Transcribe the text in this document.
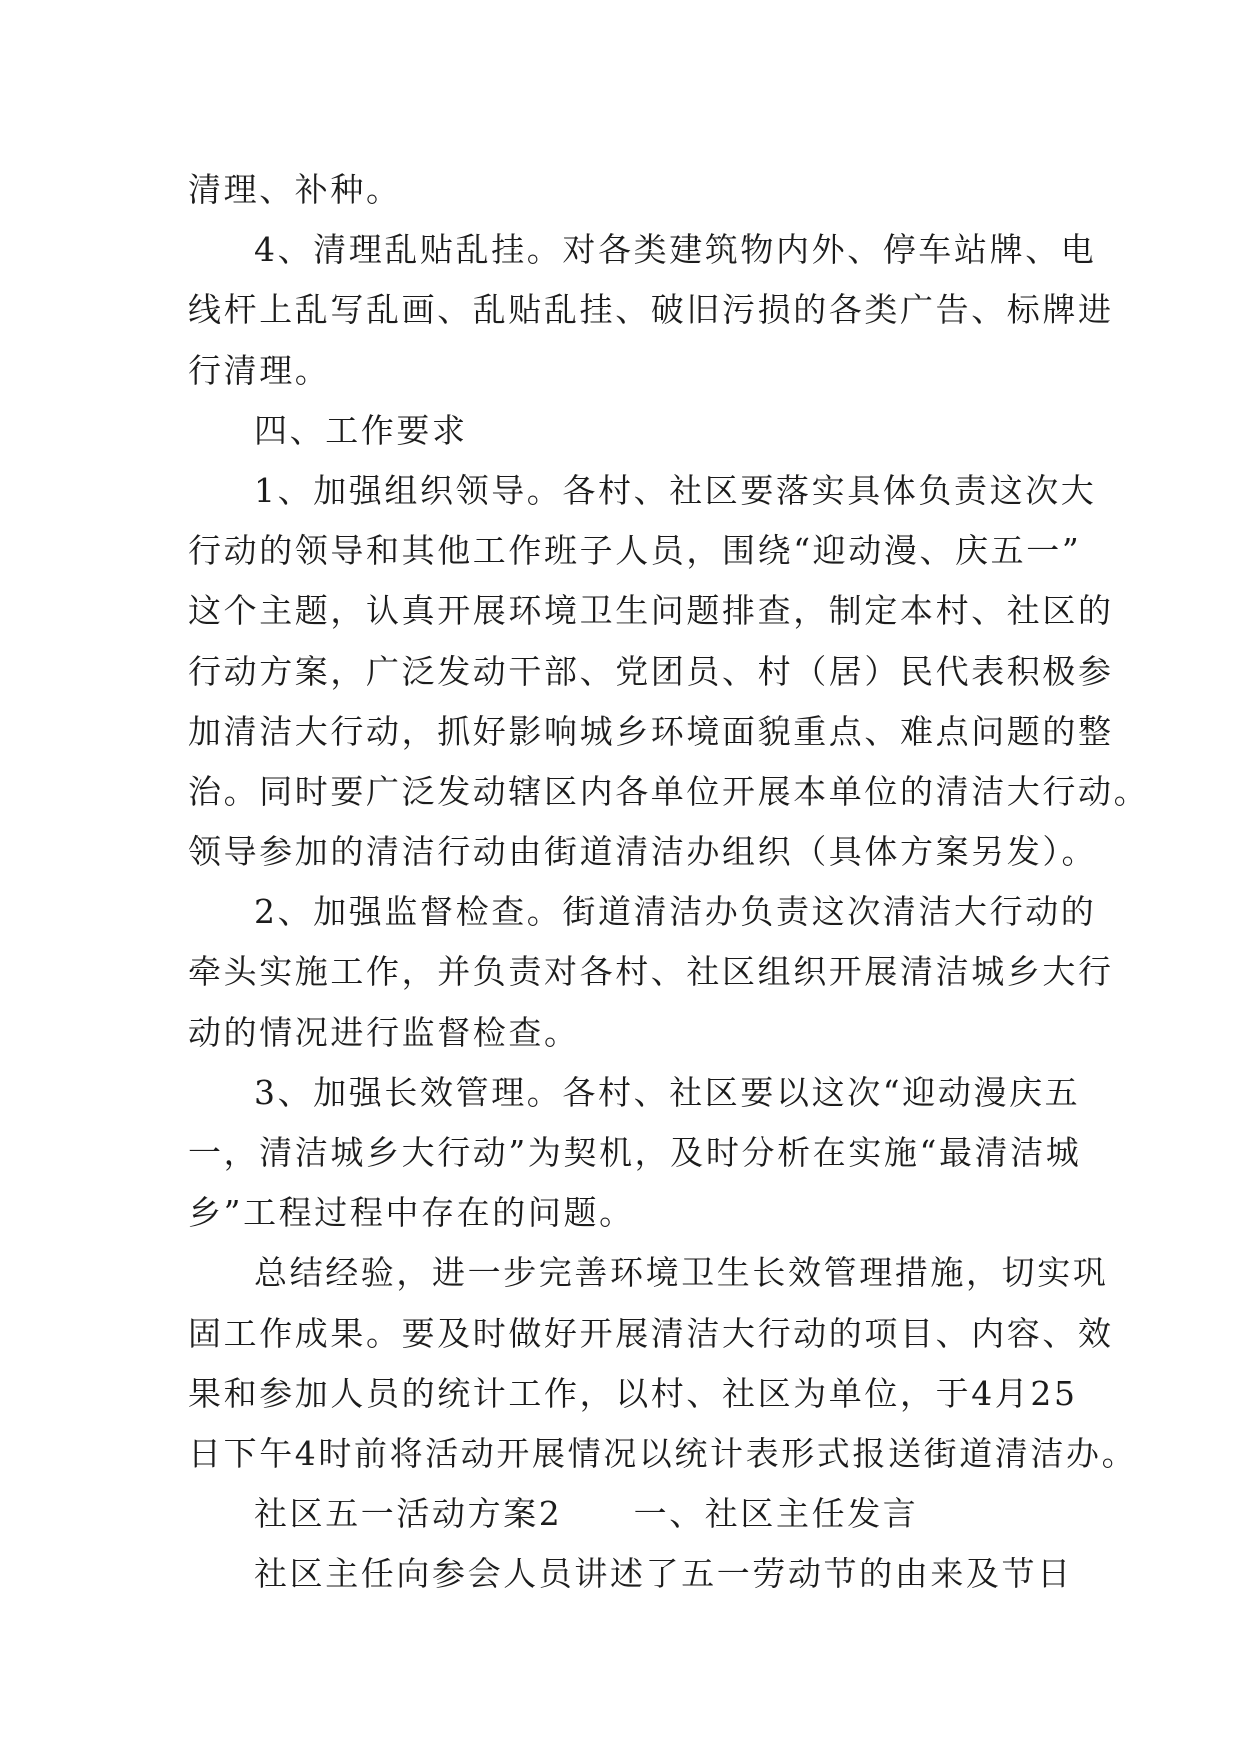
清理、补种。
4、清理乱贴乱挂。对各类建筑物内外、停车站牌、电
线杆上乱写乱画、乱贴乱挂、破旧污损的各类广告、标牌进
行清理。
四、工作要求
1、加强组织领导。各村、社区要落实具体负责这次大
行动的领导和其他工作班子人员，围绕“迎动漫、庆五一”
这个主题，认真开展环境卫生问题排查，制定本村、社区的
行动方案，广泛发动干部、党团员、村（居）民代表积极参
加清洁大行动，抓好影响城乡环境面貌重点、难点问题的整
治。同时要广泛发动辖区内各单位开展本单位的清洁大行动。
领导参加的清洁行动由街道清洁办组织（具体方案另发）。
2、加强监督检查。街道清洁办负责这次清洁大行动的
牵头实施工作，并负责对各村、社区组织开展清洁城乡大行
动的情况进行监督检查。
3、加强长效管理。各村、社区要以这次“迎动漫庆五
一，清洁城乡大行动”为契机，及时分析在实施“最清洁城
乡”工程过程中存在的问题。
总结经验，进一步完善环境卫生长效管理措施，切实巩
固工作成果。要及时做好开展清洁大行动的项目、内容、效
果和参加人员的统计工作，以村、社区为单位，于4月25
日下午4时前将活动开展情况以统计表形式报送街道清洁办。
社区五一活动方案2　　一、社区主任发言
社区主任向参会人员讲述了五一劳动节的由来及节日
